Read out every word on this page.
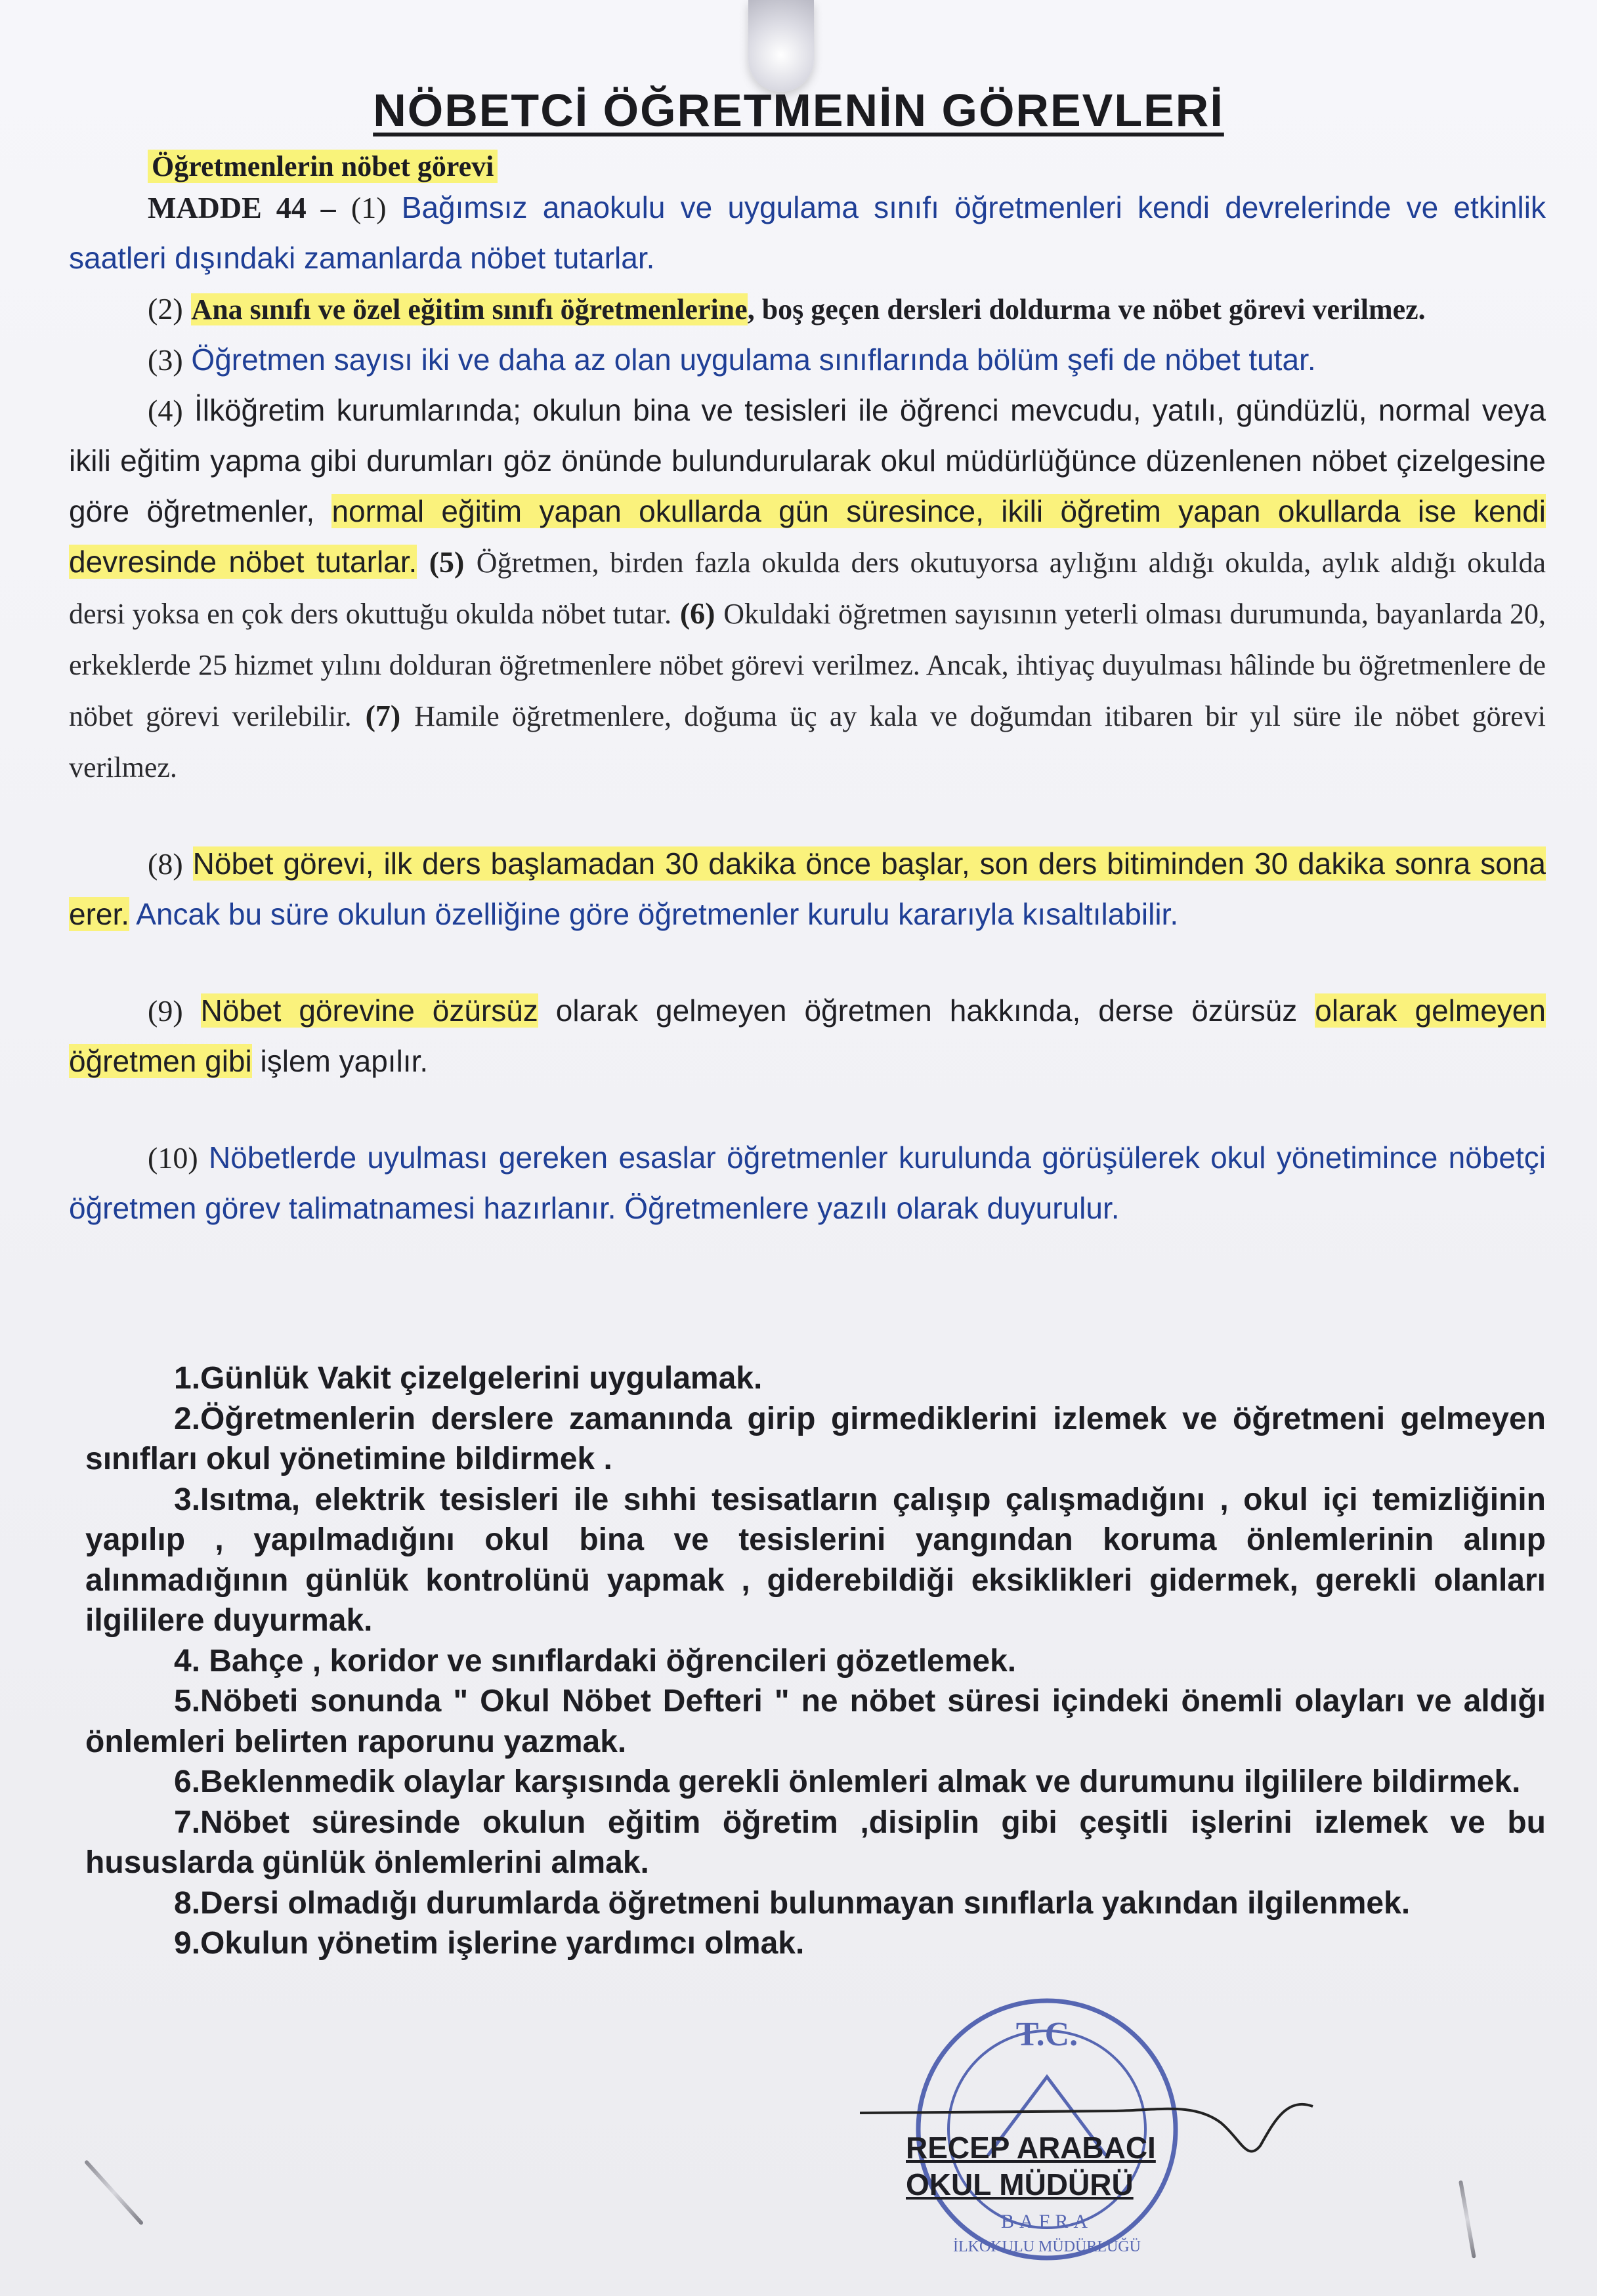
NÖBETCİ ÖĞRETMENİN GÖREVLERİ
Öğretmenlerin nöbet görevi

MADDE 44 – (1) Bağımsız anaokulu ve uygulama sınıfı öğretmenleri kendi devrelerinde ve etkinlik saatleri dışındaki zamanlarda nöbet tutarlar.

(2) Ana sınıfı ve özel eğitim sınıfı öğretmenlerine, boş geçen dersleri doldurma ve nöbet görevi verilmez.

(3) Öğretmen sayısı iki ve daha az olan uygulama sınıflarında bölüm şefi de nöbet tutar.

(4) İlköğretim kurumlarında; okulun bina ve tesisleri ile öğrenci mevcudu, yatılı, gündüzlü, normal veya ikili eğitim yapma gibi durumları göz önünde bulundurularak okul müdürlüğünce düzenlenen nöbet çizelgesine göre öğretmenler, normal eğitim yapan okullarda gün süresince, ikili öğretim yapan okullarda ise kendi devresinde nöbet tutarlar. (5) Öğretmen, birden fazla okulda ders okutuyorsa aylığını aldığı okulda, aylık aldığı okulda dersi yoksa en çok ders okuttuğu okulda nöbet tutar. (6) Okuldaki öğretmen sayısının yeterli olması durumunda, bayanlarda 20, erkeklerde 25 hizmet yılını dolduran öğretmenlere nöbet görevi verilmez. Ancak, ihtiyaç duyulması hâlinde bu öğretmenlere de nöbet görevi verilebilir. (7) Hamile öğretmenlere, doğuma üç ay kala ve doğumdan itibaren bir yıl süre ile nöbet görevi verilmez.

(8) Nöbet görevi, ilk ders başlamadan 30 dakika önce başlar, son ders bitiminden 30 dakika sonra sona erer. Ancak bu süre okulun özelliğine göre öğretmenler kurulu kararıyla kısaltılabilir.

(9) Nöbet görevine özürsüz olarak gelmeyen öğretmen hakkında, derse özürsüz olarak gelmeyen öğretmen gibi işlem yapılır.

(10) Nöbetlerde uyulması gereken esaslar öğretmenler kurulunda görüşülerek okul yönetimince nöbetçi öğretmen görev talimatnamesi hazırlanır. Öğretmenlere yazılı olarak duyurulur.

1.Günlük Vakit çizelgelerini uygulamak.
2.Öğretmenlerin derslere zamanında girip girmediklerini izlemek ve öğretmeni gelmeyen sınıfları okul yönetimine bildirmek .
3.Isıtma, elektrik tesisleri ile sıhhi tesisatların çalışıp çalışmadığını , okul içi temizliğinin yapılıp , yapılmadığını okul bina ve tesislerini yangından koruma önlemlerinin alınıp alınmadığının günlük kontrolünü yapmak , giderebildiği eksiklikleri gidermek, gerekli olanları ilgililere duyurmak.
4. Bahçe , koridor ve sınıflardaki öğrencileri gözetlemek.
5.Nöbeti sonunda " Okul Nöbet Defteri " ne nöbet süresi içindeki önemli olayları ve aldığı önlemleri belirten raporunu yazmak.
6.Beklenmedik olaylar karşısında gerekli önlemleri almak ve durumunu ilgililere bildirmek.
7.Nöbet süresinde okulun eğitim öğretim ,disiplin gibi çeşitli işlerini izlemek ve bu hususlarda günlük önlemlerini almak.
8.Dersi olmadığı durumlarda öğretmeni bulunmayan sınıflarla yakından ilgilenmek.
9.Okulun yönetim işlerine yardımcı olmak.
T.C.
BAFRA
İLKOKULU MÜDÜRLÜĞÜ
RECEP ARABACI
OKUL MÜDÜRÜ
